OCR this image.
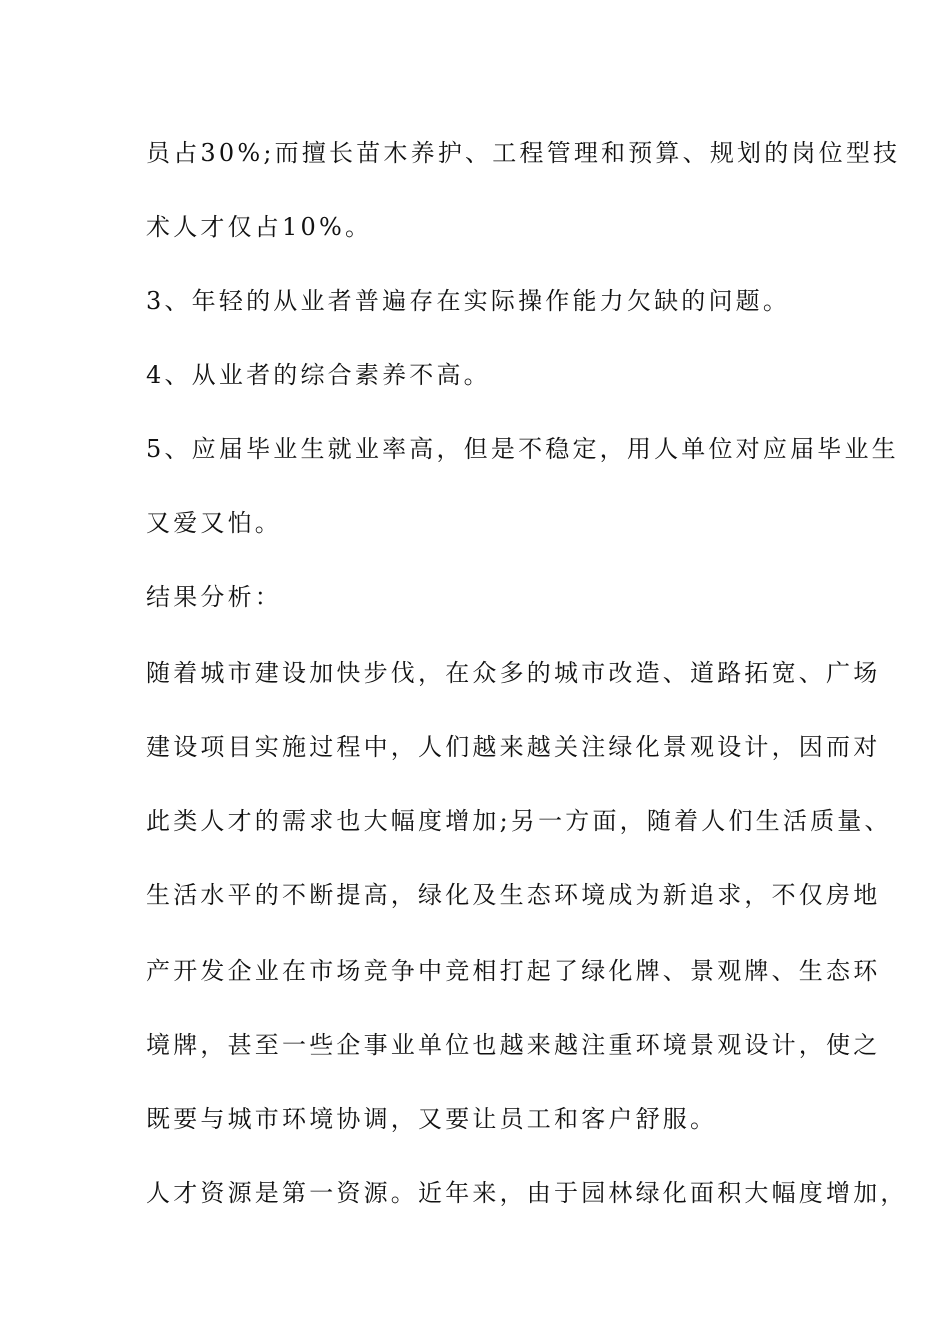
员占30%;而擅长苗木养护、工程管理和预算、规划的岗位型技
术人才仅占10%。
3、年轻的从业者普遍存在实际操作能力欠缺的问题。
4、从业者的综合素养不高。
5、应届毕业生就业率高，但是不稳定，用人单位对应届毕业生
又爱又怕。
结果分析：
随着城市建设加快步伐，在众多的城市改造、道路拓宽、广场
建设项目实施过程中，人们越来越关注绿化景观设计，因而对
此类人才的需求也大幅度增加;另一方面，随着人们生活质量、
生活水平的不断提高，绿化及生态环境成为新追求，不仅房地
产开发企业在市场竞争中竞相打起了绿化牌、景观牌、生态环
境牌，甚至一些企事业单位也越来越注重环境景观设计，使之
既要与城市环境协调，又要让员工和客户舒服。
人才资源是第一资源。近年来，由于园林绿化面积大幅度增加，
